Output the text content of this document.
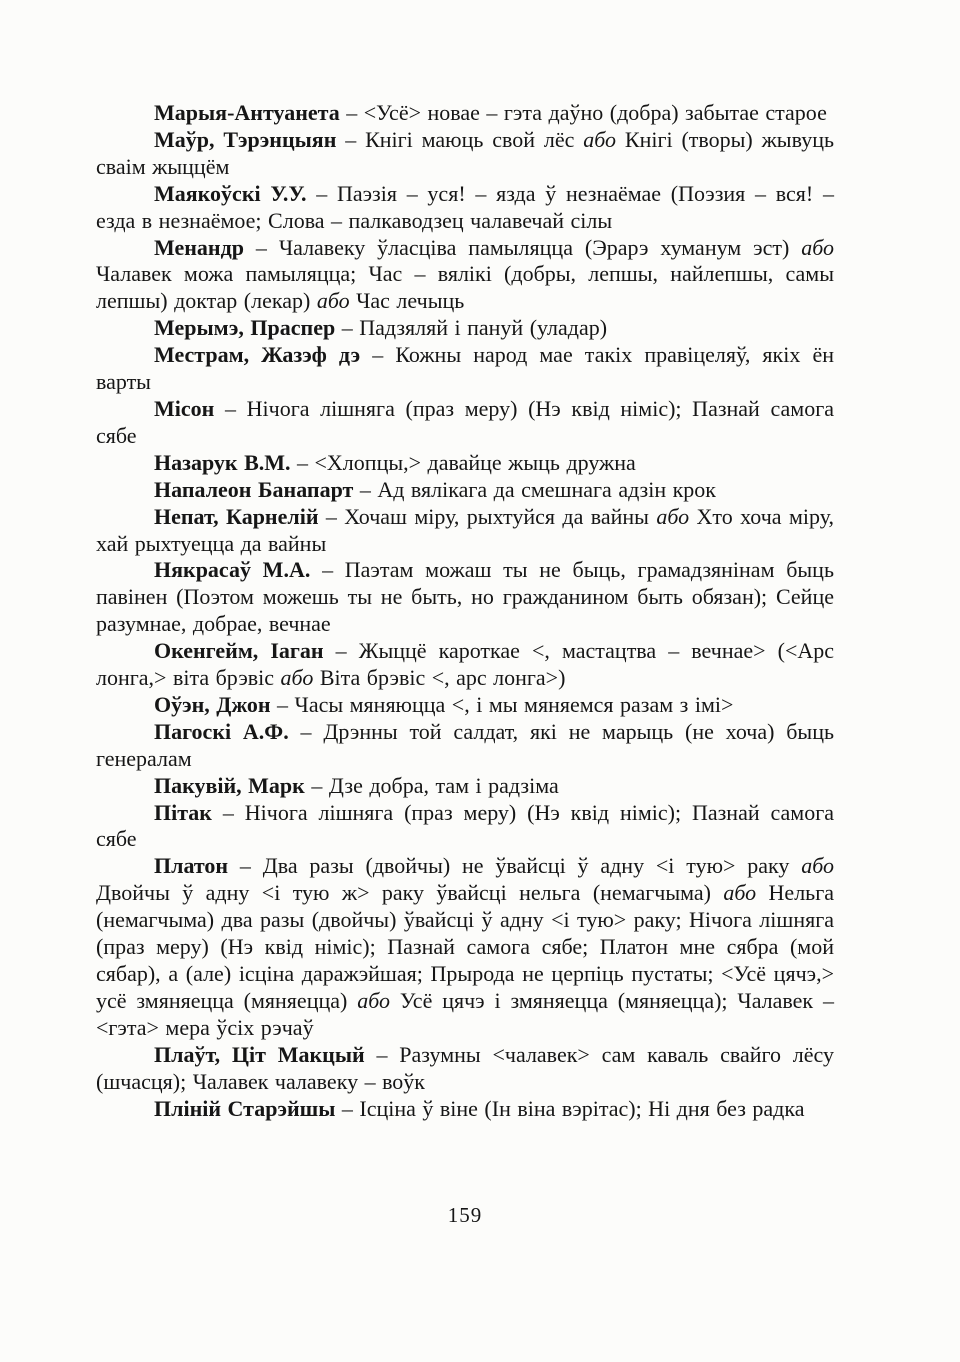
Марыя-Антуанета – <Усё> новае – гэта даўно (добра) забытае старое

Маўр, Тэрэнцыян – Кнігі маюць свой лёс або Кнігі (творы) жывуць сваім жыццём

Маякоўскі У.У. – Паэзія – уся! – язда ў незнаёмае (Поэзия – вся! – езда в незнаёмое; Слова – палкаводзец чалавечай сілы

Менандр – Чалавеку ўласціва памыляцца (Эрарэ хуманум эст) або Чалавек можа памыляцца; Час – вялікі (добры, лепшы, найлепшы, самы лепшы) доктар (лекар) або Час лечыць

Мерымэ, Праспер – Падзяляй і пануй (уладар)

Местрам, Жазэф дэ – Кожны народ мае такіх правіцеляў, якіх ён варты

Місон – Нічога лішняга (праз меру) (Нэ квід німіс); Пазнай самога сябе

Назарук В.М. – <Хлопцы,> давайце жыць дружна

Напалеон Банапарт – Ад вялікага да смешнага адзін крок

Непат, Карнелій – Хочаш міру, рыхтуйся да вайны або Хто хоча міру, хай рыхтуецца да вайны

Някрасаў М.А. – Паэтам можаш ты не быць, грамадзянінам быць павінен (Поэтом можешь ты не быть, но гражданином быть обязан); Сейце разумнае, добрае, вечнае

Окенгейм, Іаган – Жыццё кароткае <, мастацтва – вечнае> (<Арс лонга,> віта брэвіс або Віта брэвіс <, арс лонга>)

Оўэн, Джон – Часы мяняюцца <, і мы мяняемся разам з імі>

Пагоскі А.Ф. – Дрэнны той салдат, які не марыць (не хоча) быць генералам

Пакувій, Марк – Дзе добра, там і радзіма

Пітак – Нічога лішняга (праз меру) (Нэ квід німіс); Пазнай самога сябе

Платон – Два разы (двойчы) не ўвайсці ў адну <і тую> раку або Двойчы ў адну <і тую ж> раку ўвайсці нельга (немагчыма) або Нельга (немагчыма) два разы (двойчы) ўвайсці ў адну <і тую> раку; Нічога лішняга (праз меру) (Нэ квід німіс); Пазнай самога сябе; Платон мне сябра (мой сябар), а (але) ісціна даражэйшая; Прырода не церпіць пустаты; <Усё цячэ,> усё змяняецца (мяняецца) або Усё цячэ і змяняецца (мяняецца); Чалавек – <гэта> мера ўсіх рэчаў

Плаўт, Ціт Макцый – Разумны <чалавек> сам каваль свайго лёсу (шчасця); Чалавек чалавеку – воўк

Пліній Старэйшы – Ісціна ў віне (Ін віна вэрітас); Ні дня без радка

159
